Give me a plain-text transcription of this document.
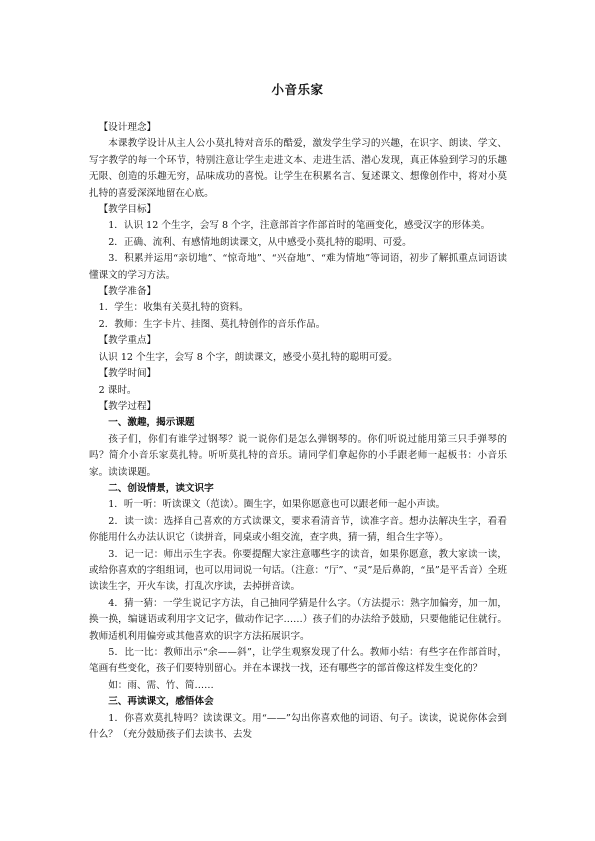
小音乐家

【设计理念】

本课教学设计从主人公小莫扎特对音乐的酷爱，激发学生学习的兴趣，在识字、朗读、学文、写字教学的每一个环节，特别注意让学生走进文本、走进生活、潜心发现，真正体验到学习的乐趣无限、创造的乐趣无穷，品味成功的喜悦。让学生在积累名言、复述课文、想像创作中，将对小莫扎特的喜爱深深地留在心底。

【教学目标】

1．认识 12 个生字，会写 8 个字，注意部首字作部首时的笔画变化，感受汉字的形体美。

2．正确、流利、有感情地朗读课文，从中感受小莫扎特的聪明、可爱。

3．积累并运用“亲切地”、“惊奇地”、“兴奋地”、“难为情地”等词语，初步了解抓重点词语读懂课文的学习方法。

【教学准备】

1．学生：收集有关莫扎特的资料。

2．教师：生字卡片、挂图、莫扎特创作的音乐作品。

【教学重点】

认识 12 个生字，会写 8 个字，朗读课文，感受小莫扎特的聪明可爱。

【教学时间】

2 课时。

【教学过程】

一、激趣，揭示课题

孩子们，你们有谁学过钢琴？说一说你们是怎么弹钢琴的。你们听说过能用第三只手弹琴的吗？简介小音乐家莫扎特。听听莫扎特的音乐。请同学们拿起你的小手跟老师一起板书：小音乐家。读读课题。

二、创设情景，读文识字

1．听一听：听读课文（范读）。圈生字，如果你愿意也可以跟老师一起小声读。

2．读一读：选择自己喜欢的方式读课文，要求看清音节，读准字音。想办法解决生字，看看你能用什么办法认识它（读拼音，同桌或小组交流，查字典，猜一猜，组合生字等）。

3．记一记：师出示生字表。你要提醒大家注意哪些字的读音，如果你愿意，教大家读一读，或给你喜欢的字组组词，也可以用词说一句话。（注意：“厅”、“灵”是后鼻韵，“虽”是平舌音）全班读读生字，开火车读，打乱次序读，去掉拼音读。

4．猜一猜：一学生说记字方法，自己抽同学猜是什么字。（方法提示：熟字加偏旁，加一加，换一换，编谜语或利用字文记字，做动作记字……）孩子们的办法给予鼓励，只要他能记住就行。教师适机利用偏旁或其他喜欢的识字方法拓展识字。

5．比一比：教师出示“余——斜”，让学生观察发现了什么。教师小结：有些字在作部首时，笔画有些变化，孩子们要特别留心。并在本课找一找，还有哪些字的部首像这样发生变化的？

如：雨、需、竹、简……

三、再读课文，感悟体会

1．你喜欢莫扎特吗？读读课文。用“——”勾出你喜欢他的词语、句子。读读，说说你体会到什么？（充分鼓励孩子们去读书、去发
